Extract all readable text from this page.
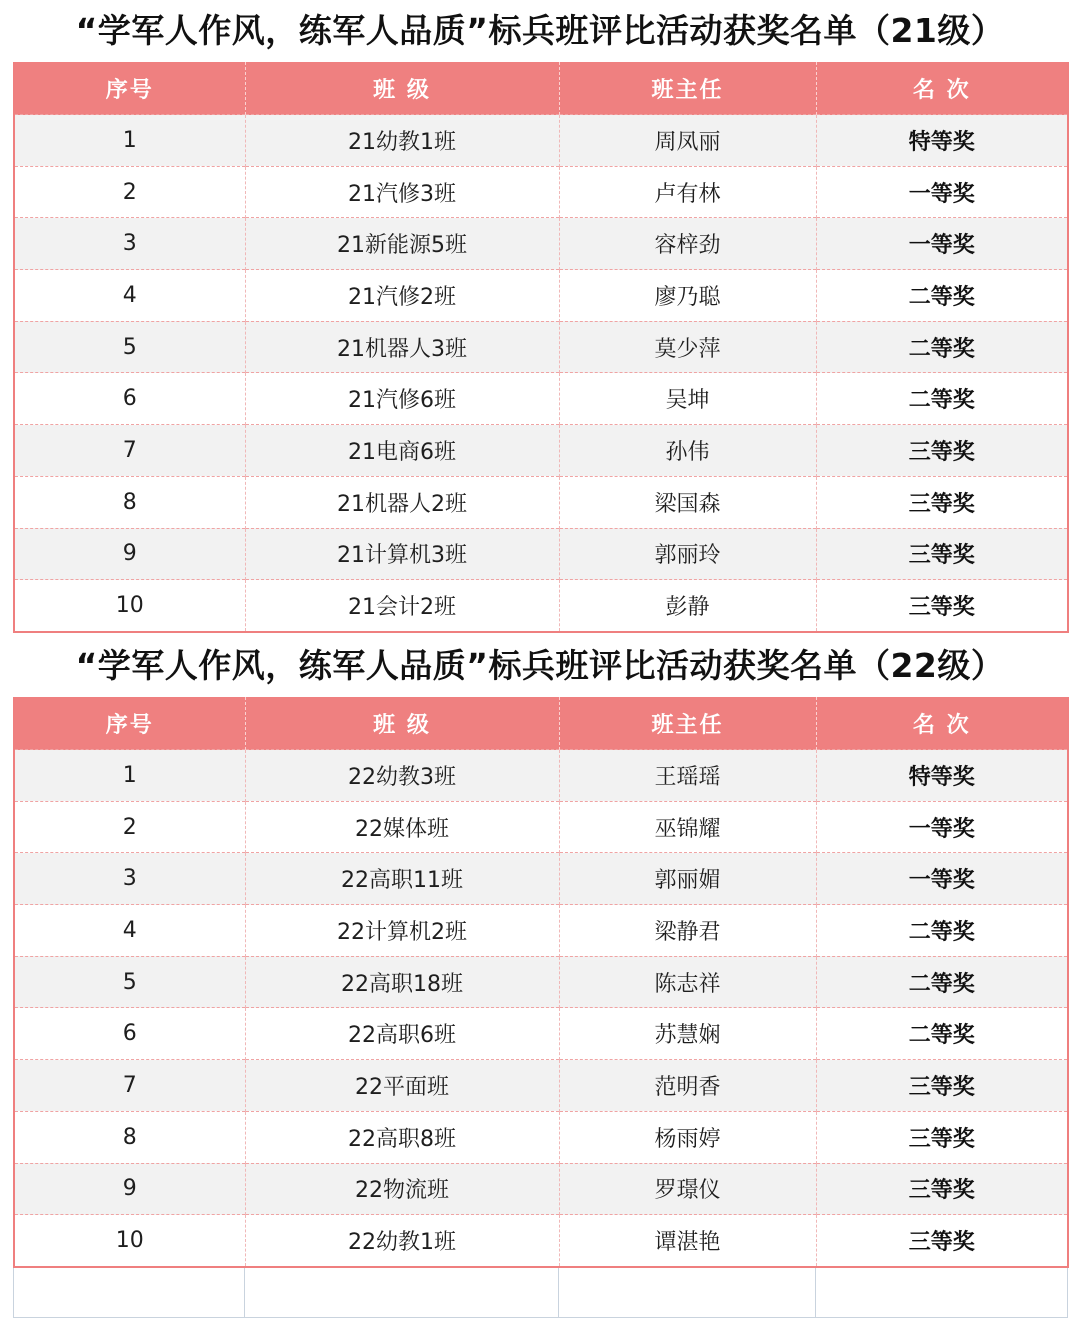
“学军人作风，练军人品质”标兵班评比活动获奖名单（21级）
序号	班 级	班主任	名 次
1	21幼教1班	周凤丽	特等奖
2	21汽修3班	卢有林	一等奖
3	21新能源5班	容梓劲	一等奖
4	21汽修2班	廖乃聪	二等奖
5	21机器人3班	莫少萍	二等奖
6	21汽修6班	吴坤	二等奖
7	21电商6班	孙伟	三等奖
8	21机器人2班	梁国森	三等奖
9	21计算机3班	郭丽玲	三等奖
10	21会计2班	彭静	三等奖
“学军人作风，练军人品质”标兵班评比活动获奖名单（22级）
序号	班 级	班主任	名 次
1	22幼教3班	王瑶瑶	特等奖
2	22媒体班	巫锦耀	一等奖
3	22高职11班	郭丽媚	一等奖
4	22计算机2班	梁静君	二等奖
5	22高职18班	陈志祥	二等奖
6	22高职6班	苏慧娴	二等奖
7	22平面班	范明香	三等奖
8	22高职8班	杨雨婷	三等奖
9	22物流班	罗璟仪	三等奖
10	22幼教1班	谭湛艳	三等奖
